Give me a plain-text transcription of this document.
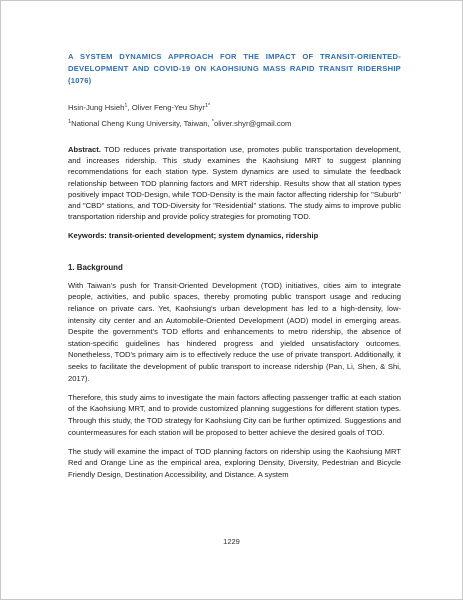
A SYSTEM DYNAMICS APPROACH FOR THE IMPACT OF TRANSIT-ORIENTED-DEVELOPMENT AND COVID-19 ON KAOHSIUNG MASS RAPID TRANSIT RIDERSHIP (1076)
Hsin-Jung Hsieh$^1$, Oliver Feng-Yeu Shyr$^{1*}$
$^1$National Cheng Kung University, Taiwan, *oliver.shyr@gmail.com

Abstract. TOD reduces private transportation use, promotes public transportation development, and increases ridership. This study examines the Kaohsiung MRT to suggest planning recommendations for each station type. System dynamics are used to simulate the feedback relationship between TOD planning factors and MRT ridership. Results show that all station types positively impact TOD-Design, while TOD-Density is the main factor affecting ridership for "Suburb" and "CBD" stations, and TOD-Diversity for "Residential" stations. The study aims to improve public transportation ridership and provide policy strategies for promoting TOD.

Keywords: transit-oriented development; system dynamics, ridership
1. Background

With Taiwan's push for Transit-Oriented Development (TOD) initiatives, cities aim to integrate people, activities, and public spaces, thereby promoting public transport usage and reducing reliance on private cars. Yet, Kaohsiung's urban development has led to a high-density, low-intensity city center and an Automobile-Oriented Development (AOD) model in emerging areas. Despite the government's TOD efforts and enhancements to metro ridership, the absence of station-specific guidelines has hindered progress and yielded unsatisfactory outcomes. Nonetheless, TOD's primary aim is to effectively reduce the use of private transport. Additionally, it seeks to facilitate the development of public transport to increase ridership (Pan, Li, Shen, & Shi, 2017).

Therefore, this study aims to investigate the main factors affecting passenger traffic at each station of the Kaohsiung MRT, and to provide customized planning suggestions for different station types. Through this study, the TOD strategy for Kaohsiung City can be further optimized. Suggestions and countermeasures for each station will be proposed to better achieve the desired goals of TOD.

The study will examine the impact of TOD planning factors on ridership using the Kaohsiung MRT Red and Orange Line as the empirical area, exploring Density, Diversity, Pedestrian and Bicycle Friendly Design, Destination Accessibility, and Distance. A system

1229
